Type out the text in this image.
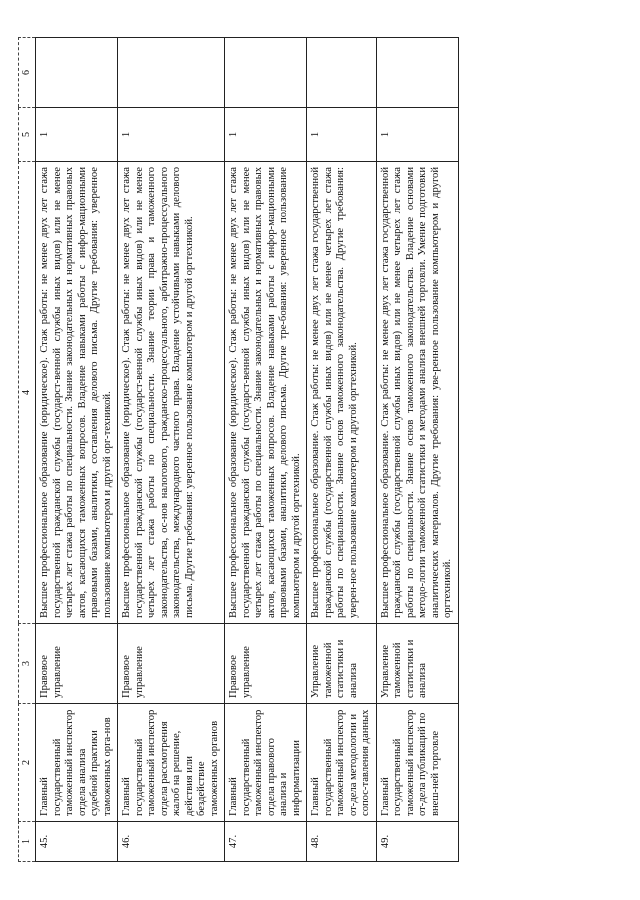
1	2	3	4	5	6
45.	Главный государственный таможенный инспектор отдела анализа судебной практики таможенных орга-нов	Правовое управление	Высшее профессиональное образование (юридическое). Стаж работы: не менее двух лет стажа государственной гражданской службы (государст-венной службы иных видов) или не менее четырех лет стажа работы по специальности. Знание законодательных и нормативных правовых актов, касающихся таможенных вопросов. Владение навыками работы с инфор-мационными правовыми базами, аналитики, составления делового письма. Другие требования: уверенное пользование компьютером и другой орг-техникой.	1	
46.	Главный государственный таможенный инспектор отдела рассмотрения жалоб на решение, действия или бездействие таможенных органов	Правовое управление	Высшее профессиональное образование (юридическое). Стаж работы: не менее двух лет стажа государственной гражданской службы (государст-венной службы иных видов) или не менее четырех лет стажа работы по специальности. Знание теории права и таможенного законодательства, ос-нов налогового, гражданско-процессуального, арбитражно-процессуального законодательства, международного частного права. Владение устойчивыми навыками делового письма. Другие требования: уверенное пользование компьютером и другой оргтехникой.	1	
47.	Главный государственный таможенный инспектор отдела правового анализа и информатизации	Правовое управление	Высшее профессиональное образование (юридическое). Стаж работы: не менее двух лет стажа государственной гражданской службы (государст-венной службы иных видов) или не менее четырех лет стажа работы по специальности. Знание законодательных и нормативных правовых актов, касающихся таможенных вопросов. Владение навыками работы с инфор-мационными правовыми базами, аналитики, делового письма. Другие тре-бования: уверенное пользование компьютером и другой оргтехникой.	1	
48.	Главный государственный таможенный инспектор от-дела методологии и сопос-тавления данных	Управление таможенной статистики и анализа	Высшее профессиональное образование. Стаж работы: не менее двух лет стажа государственной гражданской службы (государственной службы иных видов) или не менее четырех лет стажа работы по специальности. Знание основ таможенного законодательства. Другие требования: уверен-ное пользование компьютером и другой оргтехникой.	1	
49.	Главный государственный таможенный инспектор от-дела публикаций по внеш-ней торговле	Управление таможенной статистики и анализа	Высшее профессиональное образование. Стаж работы: не менее двух лет стажа государственной гражданской службы (государственной службы иных видов) или не менее четырех лет стажа работы по специальности. Знание основ таможенного законодательства. Владение основами методо-логии таможенной статистики и методами анализа внешней торговли. Умение подготовки аналитических материалов. Другие требования: уве-ренное пользование компьютером и другой оргтехникой.	1	
